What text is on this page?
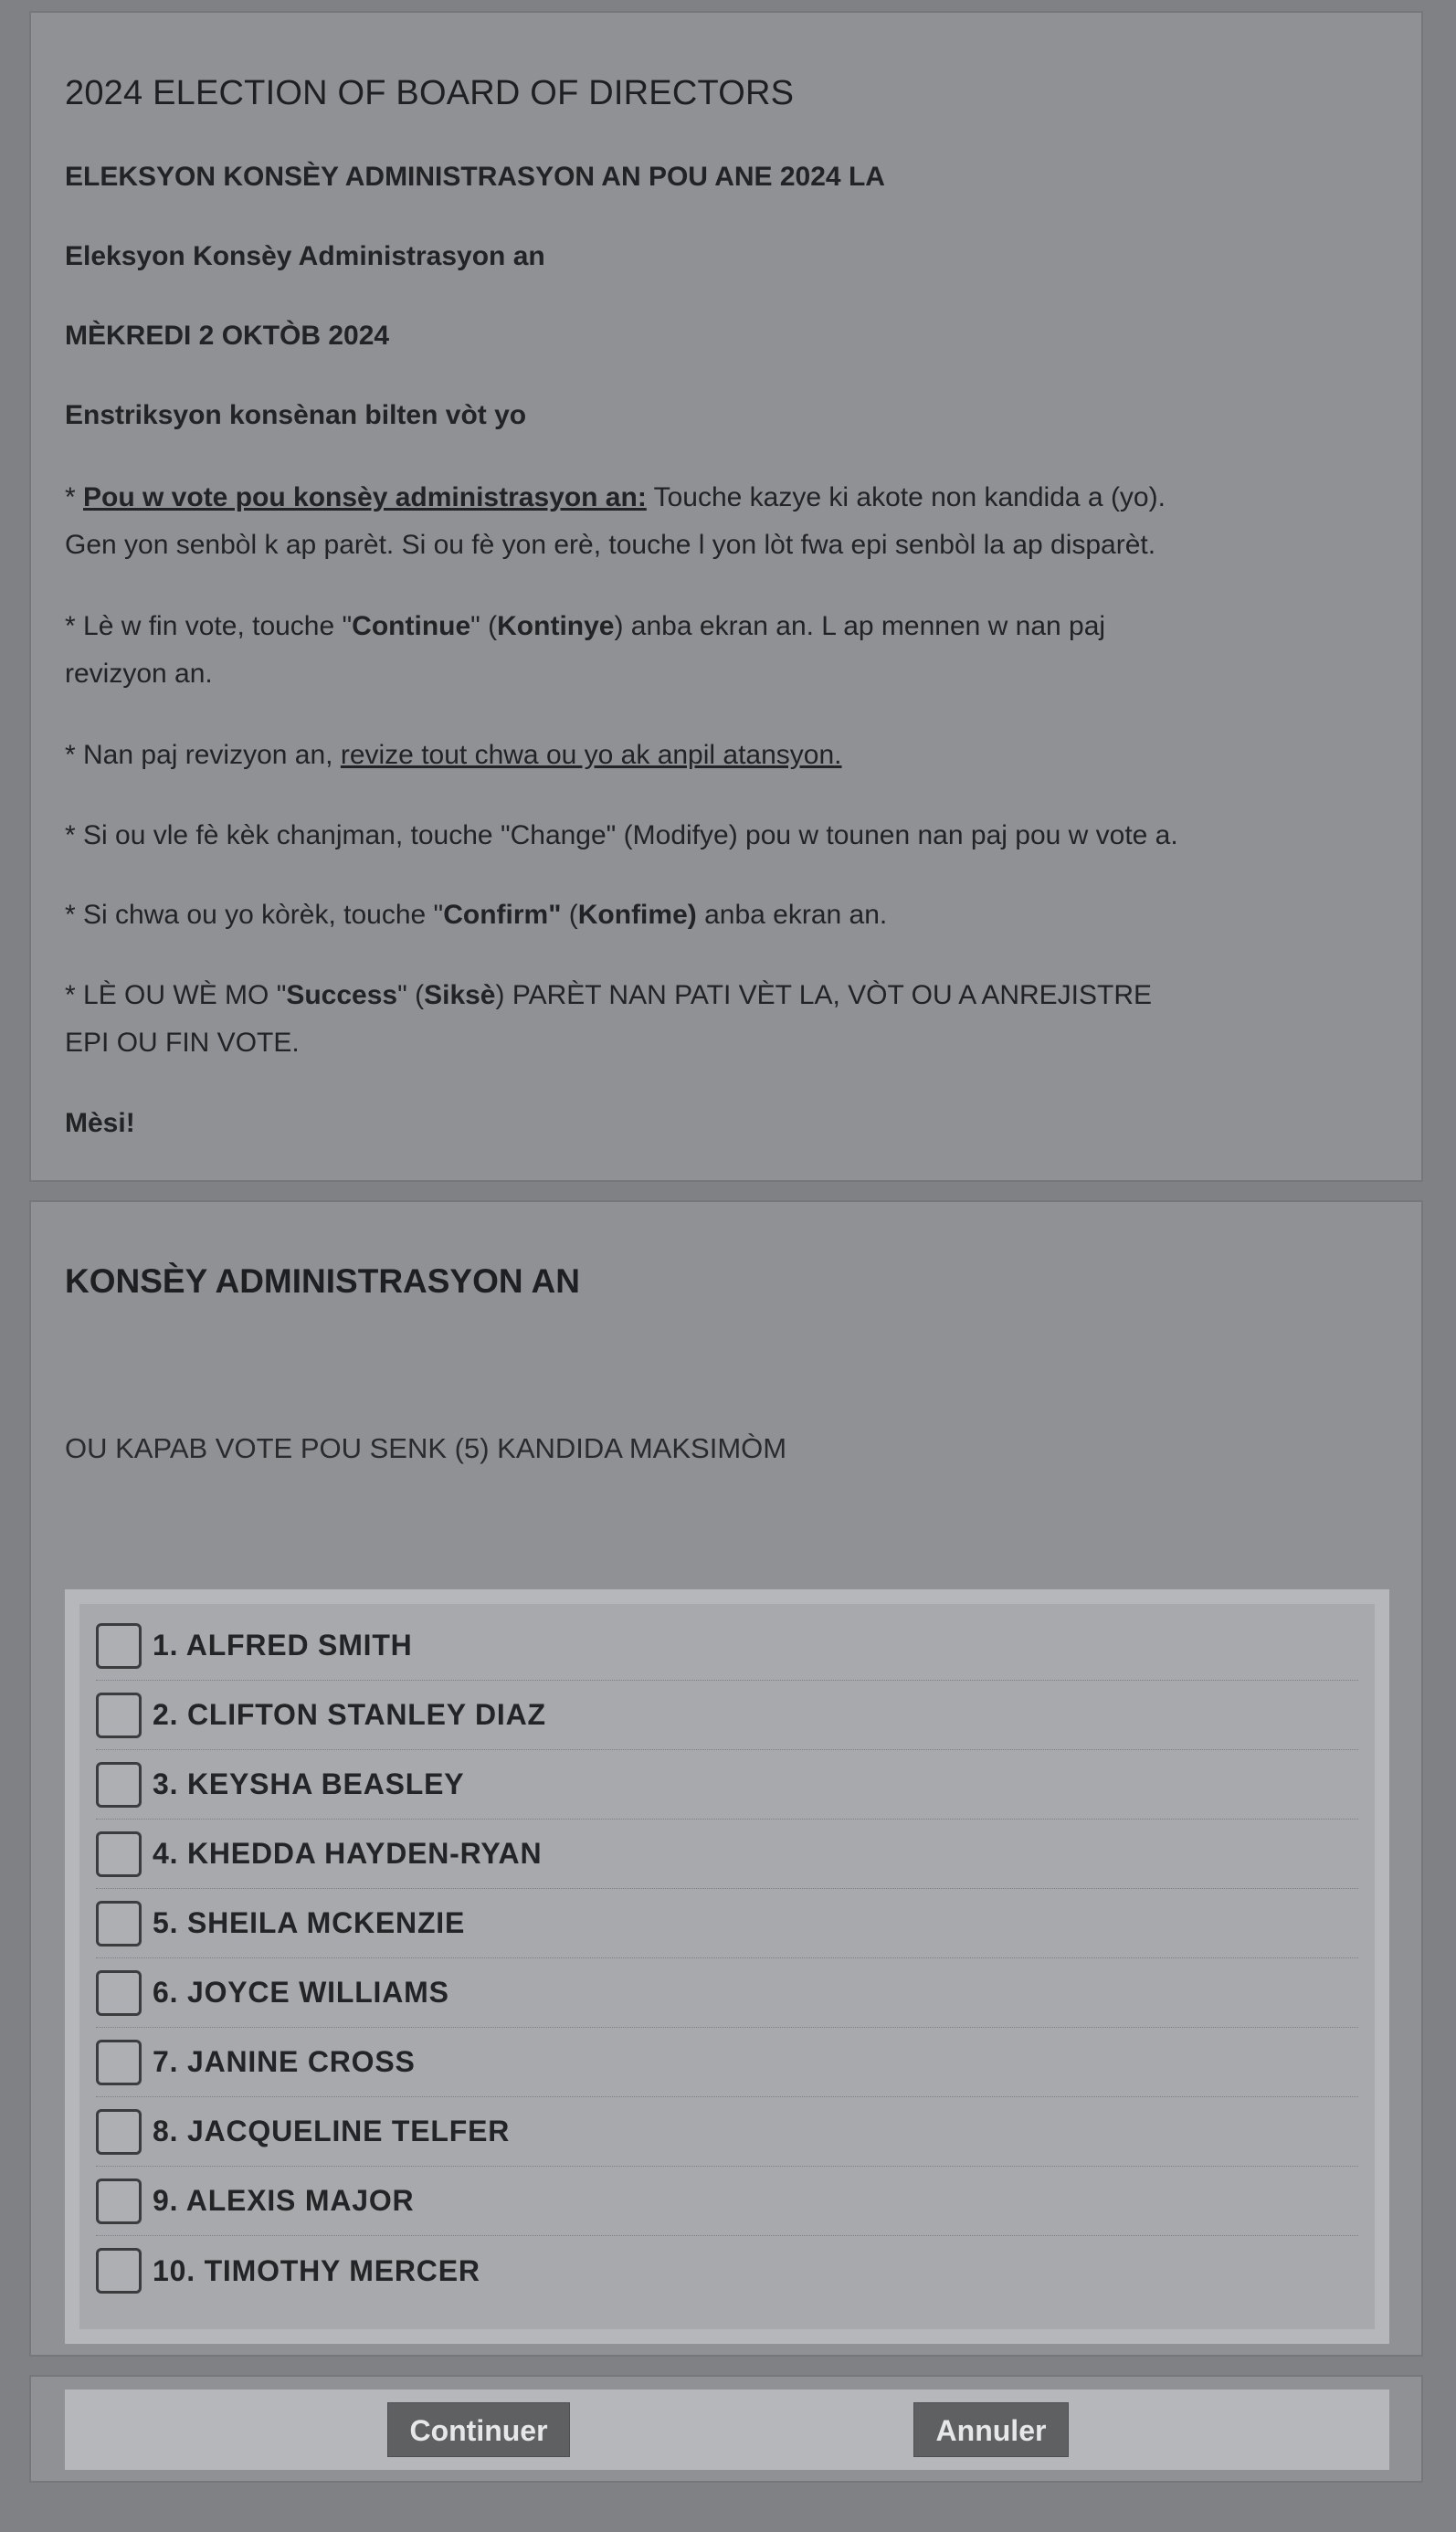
2024 ELECTION OF BOARD OF DIRECTORS

ELEKSYON KONSÈY ADMINISTRASYON AN POU ANE 2024 LA

Eleksyon Konsèy Administrasyon an

MÈKREDI 2 OKTÒB 2024

Enstriksyon konsènan bilten vòt yo

* Pou w vote pou konsèy administrasyon an: Touche kazye ki akote non kandida a (yo).

Gen yon senbòl k ap parèt. Si ou fè yon erè, touche l yon lòt fwa epi senbòl la ap disparèt.

* Lè w fin vote, touche "Continue" (Kontinye) anba ekran an. L ap mennen w nan paj

revizyon an.

* Nan paj revizyon an, revize tout chwa ou yo ak anpil atansyon.

* Si ou vle fè kèk chanjman, touche "Change" (Modifye) pou w tounen nan paj pou w vote a.

* Si chwa ou yo kòrèk, touche "Confirm" (Konfime) anba ekran an.

* LÈ OU WÈ MO "Success" (Siksè) PARÈT NAN PATI VÈT LA, VÒT OU A ANREJISTRE

EPI OU FIN VOTE.

Mèsi!

KONSÈY ADMINISTRASYON AN

OU KAPAB VOTE POU SENK (5) KANDIDA MAKSIMÒM

1. ALFRED SMITH
2. CLIFTON STANLEY DIAZ
3. KEYSHA BEASLEY
4. KHEDDA HAYDEN-RYAN
5. SHEILA MCKENZIE
6. JOYCE WILLIAMS
7. JANINE CROSS
8. JACQUELINE TELFER
9. ALEXIS MAJOR
10. TIMOTHY MERCER
Continuer	Annuler
